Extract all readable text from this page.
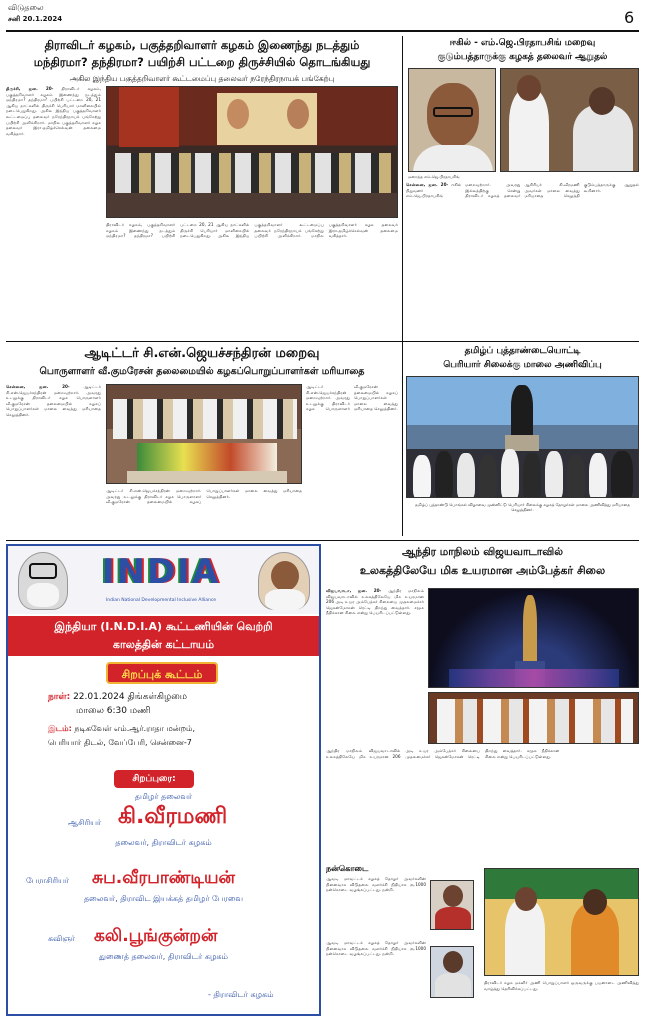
விடுதலை
சனி 20.1.2024	6
திராவிடர் கழகம், பகுத்தறிவாளர் கழகம் இணைந்து நடத்தும்
மந்திரமா? தந்திரமா? பயிற்சி பட்டறை திருச்சியில் தொடங்கியது
அகில இந்திய பகுத்தறிவாளர் கூட்டமைப்பு தலைவர் நரேந்திரநாயக் பங்கேற்பு
திருச்சி, ஜன. 20- திராவிடர் கழகம், பகுத்தறிவாளர் கழகம் இணைந்து நடத்தும் மந்திரமா? தந்திரமா? பயிற்சி பட்டறை 20, 21 ஆகிய நாட்களில் திருச்சி பெரியார் மாளிகையில் நடைபெறுகிறது. அகில இந்திய பகுத்தறிவாளர் கூட்டமைப்பு தலைவர் நரேந்திரநாயக் பங்கேற்று பயிற்சி அளிக்கிறார். மாநில பகுத்தறிவாளர் கழக தலைவர் இரா.தமிழ்ச்செல்வன் தலைமை வகித்தார்.
திராவிடர் கழகம், பகுத்தறிவாளர் கழகம் இணைந்து நடத்தும் மந்திரமா? தந்திரமா? பயிற்சி பட்டறை 20, 21 ஆகிய நாட்களில் திருச்சி பெரியார் மாளிகையில் நடைபெறுகிறது. அகில இந்திய பகுத்தறிவாளர் கூட்டமைப்பு தலைவர் நரேந்திரநாயக் பங்கேற்று பயிற்சி அளிக்கிறார். மாநில பகுத்தறிவாளர் கழக தலைவர் இரா.தமிழ்ச்செல்வன் தலைமை வகித்தார்.
ஈகில் - எம்.ஜெ.பிரதாபசிங் மறைவு
குடும்பத்தாருக்கு கழகத் தலைவர் ஆறுதல்
மறைந்த எம்.ஜெ.பிரதாபசிங்
சென்னை, ஜன. 20- ஈகில் நிறுவனர் எம்.ஜெ.பிரதாபசிங் மறைவுற்றார். அவரது இல்லத்திற்கு சென்று திராவிடர் கழகத் தலைவர் ஆசிரியர் கி.வீரமணி அவர்கள் மாலை வைத்து மரியாதை செலுத்தி குடும்பத்தாருக்கு ஆறுதல் கூறினார்.
ஆடிட்டர் சி.என்.ஜெயச்சந்திரன் மறைவு
பொருளாளர் வீ.குமரேசன் தலைமையில் கழகப்பொறுப்பாளர்கள் மரியாதை
சென்னை, ஜன. 20- ஆடிட்டர் சி.என்.ஜெயச்சந்திரன் மறைவுற்றார். அவரது உடலுக்கு திராவிடர் கழக பொருளாளர் வீ.குமரேசன் தலைமையில் கழகப் பொறுப்பாளர்கள் மாலை வைத்து மரியாதை செலுத்தினர்.
ஆடிட்டர் சி.என்.ஜெயச்சந்திரன் மறைவுற்றார். அவரது உடலுக்கு திராவிடர் கழக பொருளாளர் வீ.குமரேசன் தலைமையில் கழகப் பொறுப்பாளர்கள் மாலை வைத்து மரியாதை செலுத்தினர்.
ஆடிட்டர் சி.என்.ஜெயச்சந்திரன் மறைவுற்றார். அவரது உடலுக்கு திராவிடர் கழக பொருளாளர் வீ.குமரேசன் தலைமையில் கழகப் பொறுப்பாளர்கள் மாலை வைத்து மரியாதை செலுத்தினர்.
தமிழ்ப் புத்தாண்டையொட்டி
பெரியார் சிலைக்கு மாலை அணிவிப்பு
தமிழ்ப் புத்தாண்டு பொங்கல் விழாவை முன்னிட்டு பெரியார் சிலைக்கு கழகத் தோழர்கள் மாலை அணிவித்து மரியாதை செலுத்தினர்.
INDIA
Indian National Developmental Inclusive Alliance
இந்தியா (I.N.D.I.A) கூட்டணியின் வெற்றி
காலத்தின் கட்டாயம்
சிறப்புக் கூட்டம்
நாள்: 22.01.2024 திங்கள்கிழமை
மாலை 6:30 மணி
இடம்: நடிகவேள் எம்.ஆர்.ராதா மன்றம்,
பெரியார் திடல், வேப்பேரி, சென்னை-7
சிறப்புரை:
தமிழர் தலைவர்
ஆசிரியர் கி.வீரமணி
தலைவர், திராவிடர் கழகம்
பேராசிரியர் சுப.வீரபாண்டியன்
தலைவர், திராவிட இயக்கத் தமிழர் பேரவை
கவிஞர் கலி.பூங்குன்றன்
துணைத் தலைவர், திராவிடர் கழகம்
- திராவிடர் கழகம்
ஆந்திர மாநிலம் விஜயவாடாவில்
உலகத்திலேயே மிக உயரமான அம்பேத்கர் சிலை
விஜயவாடா, ஜன. 20- ஆந்திர மாநிலம் விஜயவாடாவில் உலகத்திலேயே மிக உயரமான 206 அடி உயர அம்பேத்கர் சிலையை முதலமைச்சர் ஜெகன்மோகன் ரெட்டி திறந்து வைத்தார். சமூக நீதிக்கான சிலை என்று பெயரிடப்பட்டுள்ளது.
ஆந்திர மாநிலம் விஜயவாடாவில் உலகத்திலேயே மிக உயரமான 206 அடி உயர அம்பேத்கர் சிலையை முதலமைச்சர் ஜெகன்மோகன் ரெட்டி திறந்து வைத்தார். சமூக நீதிக்கான சிலை என்று பெயரிடப்பட்டுள்ளது.
நன்கொடை
ஆவடி மாவட்டக் கழகத் தோழர் அவர்களின் நினைவாக விடுதலை வளர்ச்சி நிதியாக ரூ.1000 நன்கொடை வழங்கப்பட்டது. நன்றி.
ஆவடி மாவட்டக் கழகத் தோழர் அவர்களின் நினைவாக விடுதலை வளர்ச்சி நிதியாக ரூ.1000 நன்கொடை வழங்கப்பட்டது. நன்றி.
திராவிடர் கழக மகளிர் அணி பொறுப்பாளர் ஒருவருக்கு பயனாடை அணிவித்து வாழ்த்து தெரிவிக்கப்பட்டது.
